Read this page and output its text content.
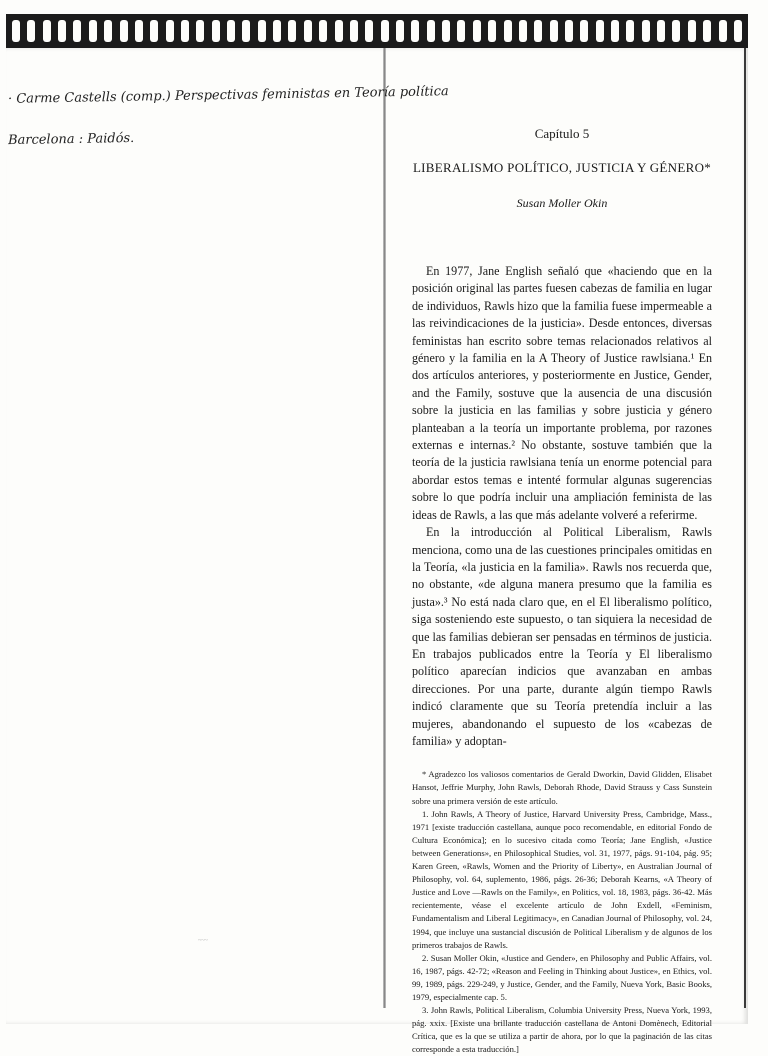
· Carme Castells (comp.) Perspectivas feministas en Teoría política
Barcelona : Paidós.
~~~
Capítulo 5
LIBERALISMO POLÍTICO, JUSTICIA Y GÉNERO*
Susan Moller Okin

En 1977, Jane English señaló que «haciendo que en la posición original las partes fuesen cabezas de familia en lugar de individuos, Rawls hizo que la familia fuese impermeable a las reivindicaciones de la justicia». Desde entonces, diversas feministas han escrito sobre temas relacionados relativos al género y la familia en la A Theory of Justice rawlsiana.¹ En dos artículos anteriores, y posteriormente en Justice, Gender, and the Family, sostuve que la ausencia de una discusión sobre la justicia en las familias y sobre justicia y género planteaban a la teoría un importante problema, por razones externas e internas.² No obstante, sostuve también que la teoría de la justicia rawlsiana tenía un enorme potencial para abordar estos temas e intenté formular algunas sugerencias sobre lo que podría incluir una ampliación feminista de las ideas de Rawls, a las que más adelante volveré a referirme.

En la introducción al Political Liberalism, Rawls menciona, como una de las cuestiones principales omitidas en la Teoría, «la justicia en la familia». Rawls nos recuerda que, no obstante, «de alguna manera presumo que la familia es justa».³ No está nada claro que, en el El liberalismo político, siga sosteniendo este supuesto, o tan siquiera la necesidad de que las familias debieran ser pensadas en términos de justicia. En trabajos publicados entre la Teoría y El liberalismo político aparecían indicios que avanzaban en ambas direcciones. Por una parte, durante algún tiempo Rawls indicó claramente que su Teoría pretendía incluir a las mujeres, abandonando el supuesto de los «cabezas de familia» y adoptan-

* Agradezco los valiosos comentarios de Gerald Dworkin, David Glidden, Elisabet Hansot, Jeffrie Murphy, John Rawls, Deborah Rhode, David Strauss y Cass Sunstein sobre una primera versión de este artículo.

1. John Rawls, A Theory of Justice, Harvard University Press, Cambridge, Mass., 1971 [existe traducción castellana, aunque poco recomendable, en editorial Fondo de Cultura Económica]; en lo sucesivo citada como Teoría; Jane English, «Justice between Generations», en Philosophical Studies, vol. 31, 1977, págs. 91-104, pág. 95; Karen Green, «Rawls, Women and the Priority of Liberty», en Australian Journal of Philosophy, vol. 64, suplemento, 1986, págs. 26-36; Deborah Kearns, «A Theory of Justice and Love —Rawls on the Family», en Politics, vol. 18, 1983, págs. 36-42. Más recientemente, véase el excelente artículo de John Exdell, «Feminism, Fundamentalism and Liberal Legitimacy», en Canadian Journal of Philosophy, vol. 24, 1994, que incluye una sustancial discusión de Political Liberalism y de algunos de los primeros trabajos de Rawls.

2. Susan Moller Okin, «Justice and Gender», en Philosophy and Public Affairs, vol. 16, 1987, págs. 42-72; «Reason and Feeling in Thinking about Justice», en Ethics, vol. 99, 1989, págs. 229-249, y Justice, Gender, and the Family, Nueva York, Basic Books, 1979, especialmente cap. 5.

3. John Rawls, Political Liberalism, Columbia University Press, Nueva York, 1993, pág. xxix. [Existe una brillante traducción castellana de Antoni Domènech, Editorial Crítica, que es la que se utiliza a partir de ahora, por lo que la paginación de las citas corresponde a esta traducción.]
